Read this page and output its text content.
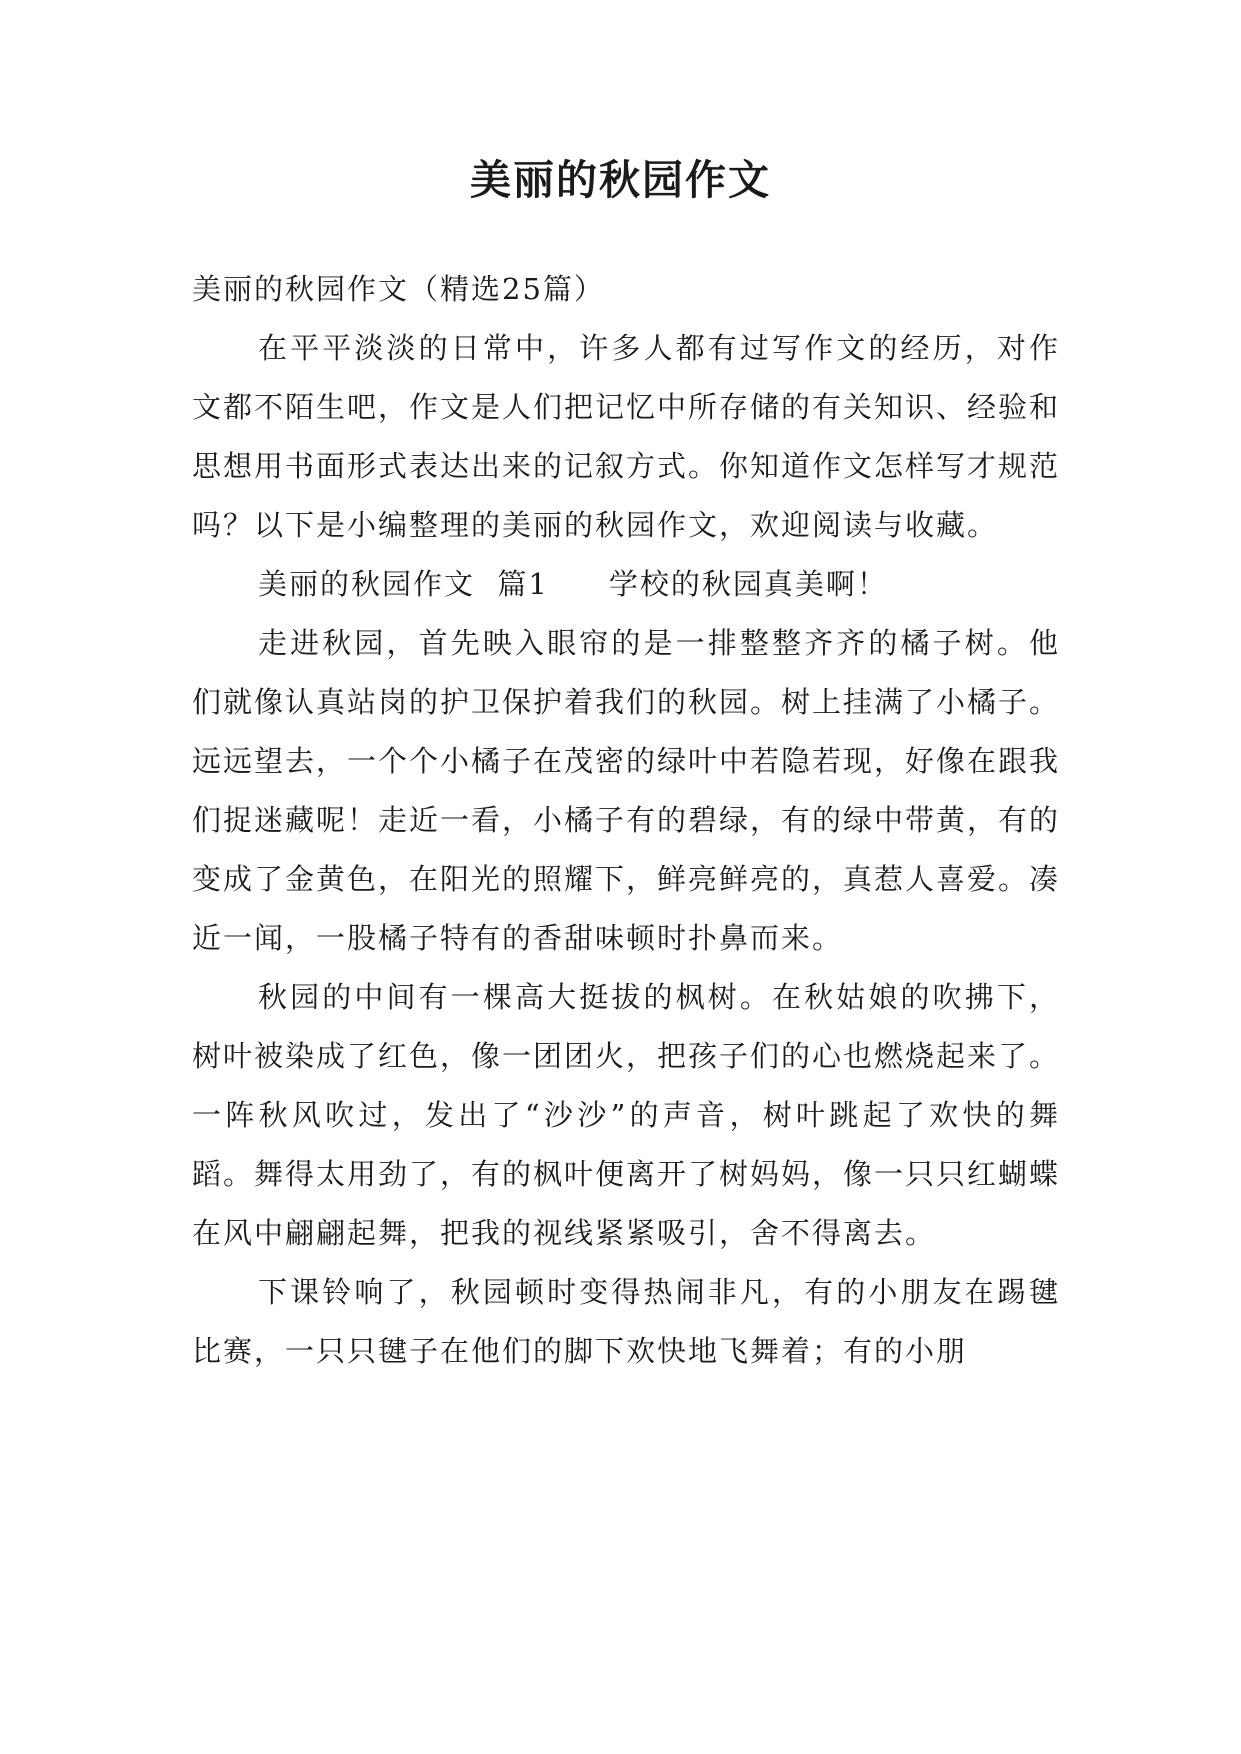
美丽的秋园作文

美丽的秋园作文（精选25篇）

在平平淡淡的日常中，许多人都有过写作文的经历，对作文都不陌生吧，作文是人们把记忆中所存储的有关知识、经验和思想用书面形式表达出来的记叙方式。你知道作文怎样写才规范吗？以下是小编整理的美丽的秋园作文，欢迎阅读与收藏。

美丽的秋园作文  篇1 学校的秋园真美啊！

走进秋园，首先映入眼帘的是一排整整齐齐的橘子树。他们就像认真站岗的护卫保护着我们的秋园。树上挂满了小橘子。远远望去，一个个小橘子在茂密的绿叶中若隐若现，好像在跟我们捉迷藏呢！走近一看，小橘子有的碧绿，有的绿中带黄，有的变成了金黄色，在阳光的照耀下，鲜亮鲜亮的，真惹人喜爱。凑近一闻，一股橘子特有的香甜味顿时扑鼻而来。

秋园的中间有一棵高大挺拔的枫树。在秋姑娘的吹拂下，树叶被染成了红色，像一团团火，把孩子们的心也燃烧起来了。一阵秋风吹过，发出了“沙沙”的声音，树叶跳起了欢快的舞蹈。舞得太用劲了，有的枫叶便离开了树妈妈，像一只只红蝴蝶在风中翩翩起舞，把我的视线紧紧吸引，舍不得离去。

下课铃响了，秋园顿时变得热闹非凡，有的小朋友在踢毽比赛，一只只毽子在他们的脚下欢快地飞舞着；有的小朋
